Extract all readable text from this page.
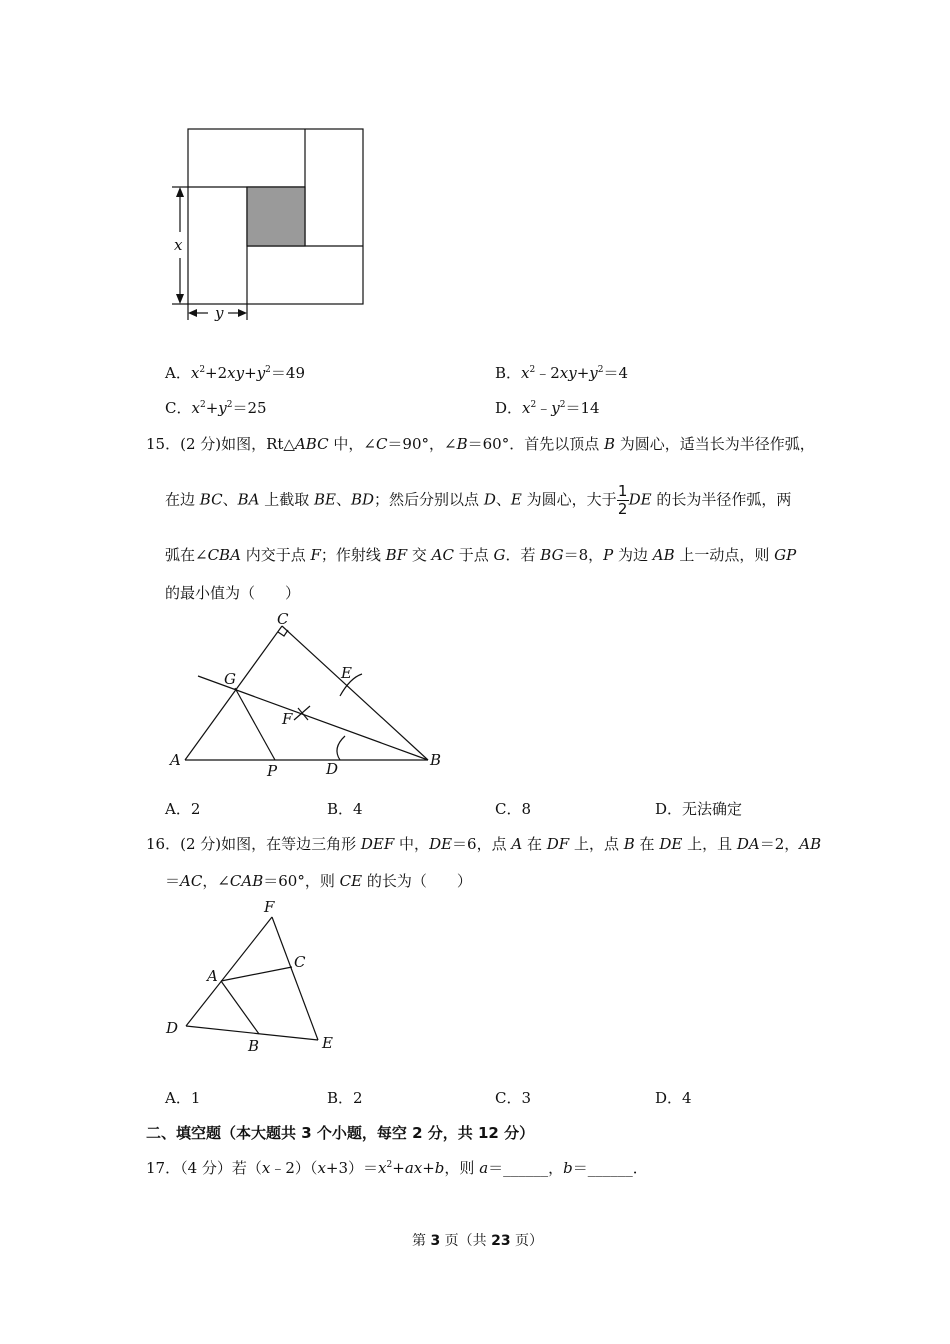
x
y
A．$x^2+2xy+y^2=49$	B．$x^2﹣2xy+y^2=4$
C．$x^2+y^2=25$	D．$x^2﹣y^2=14$
15．(2 分)如图，Rt△ABC 中，∠C＝90°，∠B＝60°．首先以顶点 B 为圆心，适当长为半径作弧，
在边 BC、BA 上截取 BE、BD；然后分别以点 D、E 为圆心，大于 $\frac{1}{2}$ DE 的长为半径作弧，两
弧在∠CBA 内交于点 F；作射线 BF 交 AC 于点 G．若 BG＝8，P 为边 AB 上一动点，则 GP
的最小值为（　　）
A	B
C
D
E
F
G
P
A．2	B．4	C．8	D．无法确定
16．(2 分)如图，在等边三角形 DEF 中，DE＝6，点 A 在 DF 上，点 B 在 DE 上，且 DA＝2，AB
＝AC，∠CAB＝60°，则 CE 的长为（　　）
F
A
C
D
B	E
A．1	B．2	C．3	D．4
二、填空题（本大题共 3 个小题，每空 2 分，共 12 分）
17．（4 分）若$(x﹣2)(x+3)=x^2+ax+b$，则 a＝______，b＝______．
第 3 页（共 23 页）
